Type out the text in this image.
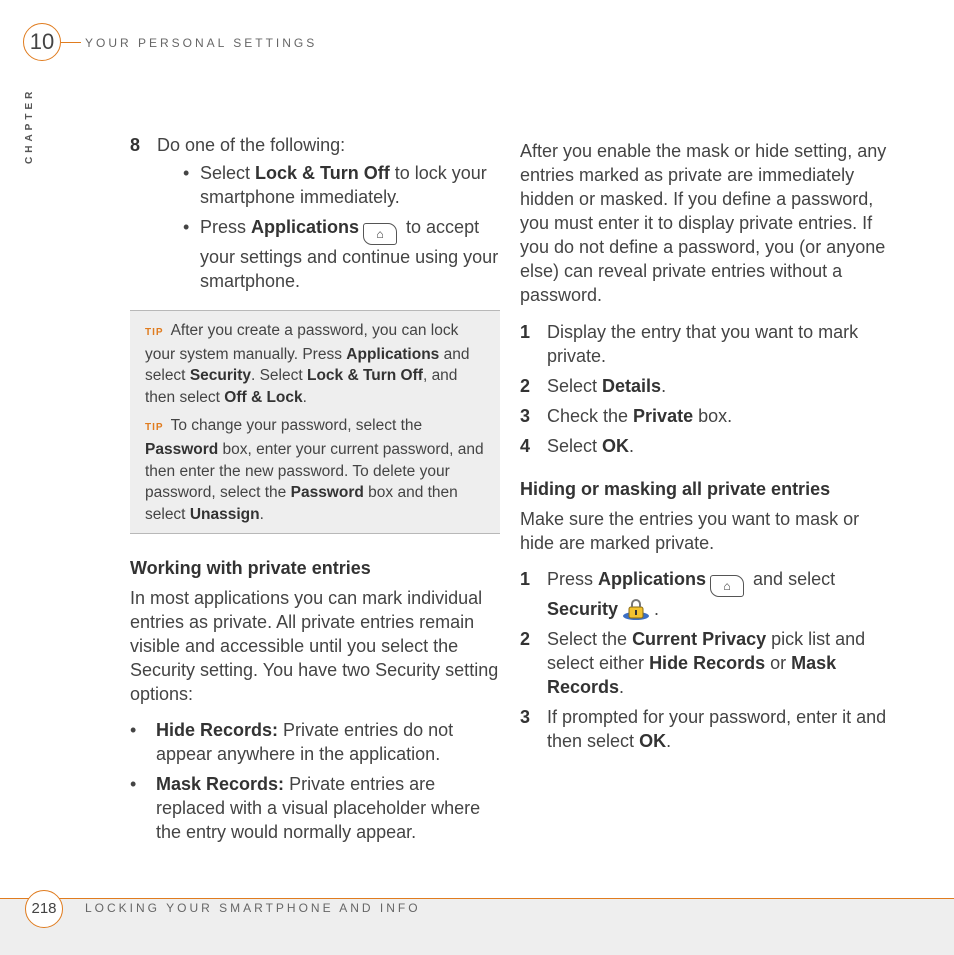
10	YOUR PERSONAL SETTINGS
CHAPTER	8 Do one of the following:
• Select Lock & Turn Off to lock your smartphone immediately.
• Press Applications ⌂ to accept your settings and continue using your smartphone.
TIP After you create a password, you can lock your system manually. Press Applications and select Security. Select Lock & Turn Off, and then select Off & Lock.
TIP To change your password, select the Password box, enter your current password, and then enter the new password. To delete your password, select the Password box and then select Unassign.
Working with private entries

In most applications you can mark individual entries as private. All private entries remain visible and accessible until you select the Security setting. You have two Security setting options:

• Hide Records: Private entries do not appear anywhere in the application.
• Mask Records: Private entries are replaced with a visual placeholder where the entry would normally appear.

After you enable the mask or hide setting, any entries marked as private are immediately hidden or masked. If you define a password, you must enter it to display private entries. If you do not define a password, you (or anyone else) can reveal private entries without a password.

1 Display the entry that you want to mark private.
2 Select Details.
3 Check the Private box.
4 Select OK.
Hiding or masking all private entries

Make sure the entries you want to mask or hide are marked private.

1 Press Applications ⌂ and select Security .
2 Select the Current Privacy pick list and select either Hide Records or Mask Records.
3 If prompted for your password, enter it and then select OK.
218	LOCKING YOUR SMARTPHONE AND INFO
